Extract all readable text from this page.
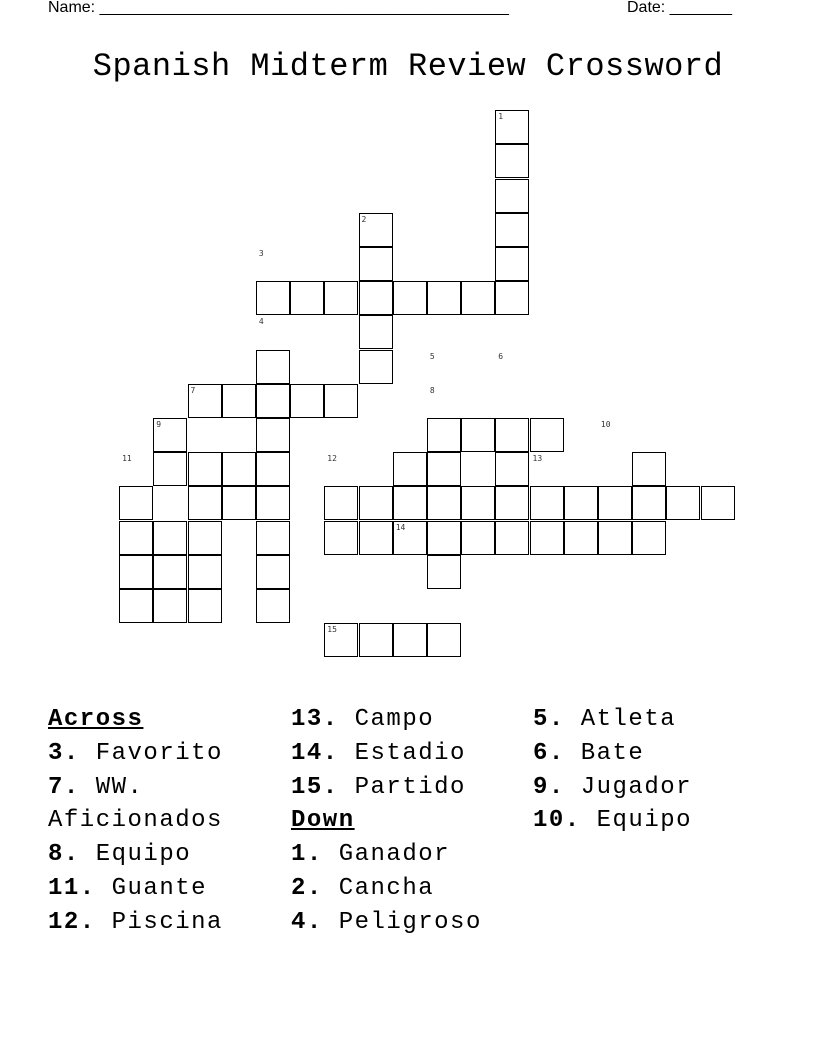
Name: ______________________________________________	Date: _______
Spanish Midterm Review Crossword
1
2
3
4
5	6
7	8
9	10
11	12	13
14
15
Across
3. Favorito
7. WW.
Aficionados
8. Equipo
11. Guante
12. Piscina
13. Campo
14. Estadio
15. Partido
Down
1. Ganador
2. Cancha
4. Peligroso
5. Atleta
6. Bate
9. Jugador
10. Equipo
